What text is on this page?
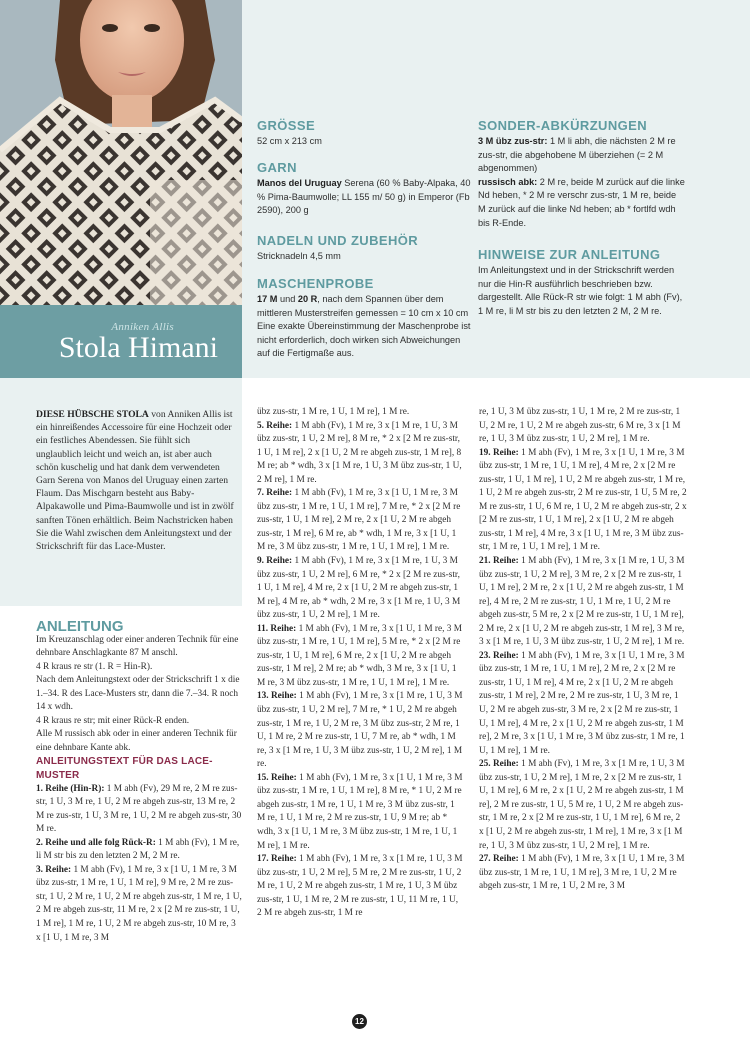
Anniken Allis
Stola Himani

GRÖSSE

52 cm x 213 cm

GARN

Manos del Uruguay Serena (60 % Baby-Alpaka, 40 % Pima-Baumwolle; LL 155 m/ 50 g) in Emperor (Fb 2590), 200 g

NADELN UND ZUBEHÖR

Stricknadeln 4,5 mm

MASCHENPROBE

17 M und 20 R, nach dem Spannen über dem mittleren Musterstreifen gemessen = 10 cm x 10 cm Eine exakte Übereinstimmung der Maschenprobe ist nicht erforderlich, doch wirken sich Abweichungen auf die Fertigmaße aus.

SONDER-ABKÜRZUNGEN

3 M übz zus-str: 1 M li abh, die nächsten 2 M re zus-str, die abgehobene M überziehen (= 2 M abgenommen)

russisch abk: 2 M re, beide M zurück auf die linke Nd heben, * 2 M re verschr zus-str, 1 M re, beide M zurück auf die linke Nd heben; ab * fortlfd wdh bis R-Ende.

HINWEISE ZUR ANLEITUNG

Im Anleitungstext und in der Strickschrift werden nur die Hin-R ausführlich beschrieben bzw. dargestellt. Alle Rück-R str wie folgt: 1 M abh (Fv), 1 M re, li M str bis zu den letzten 2 M, 2 M re.

DIESE HÜBSCHE STOLA von Anniken Allis ist ein hinreißendes Accessoire für eine Hochzeit oder ein festliches Abendessen. Sie fühlt sich unglaublich leicht und weich an, ist aber auch schön kuschelig und hat dank dem verwendeten Garn Serena von Manos del Uruguay einen zarten Flaum. Das Mischgarn besteht aus Baby-Alpakawolle und Pima-Baumwolle und ist in zwölf sanften Tönen erhältlich. Beim Nachstricken haben Sie die Wahl zwischen dem Anleitungstext und der Strickschrift für das Lace-Muster.

ANLEITUNG

Im Kreuzanschlag oder einer anderen Technik für eine dehnbare Anschlagkante 87 M anschl.

4 R kraus re str (1. R = Hin-R).

Nach dem Anleitungstext oder der Strickschrift 1 x die 1.–34. R des Lace-Musters str, dann die 7.–34. R noch 14 x wdh.

4 R kraus re str; mit einer Rück-R enden.

Alle M russisch abk oder in einer anderen Technik für eine dehnbare Kante abk.

ANLEITUNGSTEXT FÜR DAS LACE-MUSTER

1. Reihe (Hin-R): 1 M abh (Fv), 29 M re, 2 M re zus-str, 1 U, 3 M re, 1 U, 2 M re abgeh zus-str, 13 M re, 2 M re zus-str, 1 U, 3 M re, 1 U, 2 M re abgeh zus-str, 30 M re.

2. Reihe und alle folg Rück-R: 1 M abh (Fv), 1 M re, li M str bis zu den letzten 2 M, 2 M re.

3. Reihe: 1 M abh (Fv), 1 M re, 3 x [1 U, 1 M re, 3 M übz zus-str, 1 M re, 1 U, 1 M re], 9 M re, 2 M re zus-str, 1 U, 2 M re, 1 U, 2 M re abgeh zus-str, 1 M re, 1 U, 2 M re abgeh zus-str, 11 M re, 2 x [2 M re zus-str, 1 U, 1 M re], 1 M re, 1 U, 2 M re abgeh zus-str, 10 M re, 3 x [1 U, 1 M re, 3 M

übz zus-str, 1 M re, 1 U, 1 M re], 1 M re.

5. Reihe: 1 M abh (Fv), 1 M re, 3 x [1 M re, 1 U, 3 M übz zus-str, 1 U, 2 M re], 8 M re, * 2 x [2 M re zus-str, 1 U, 1 M re], 2 x [1 U, 2 M re abgeh zus-str, 1 M re], 8 M re; ab * wdh, 3 x [1 M re, 1 U, 3 M übz zus-str, 1 U, 2 M re], 1 M re.

7. Reihe: 1 M abh (Fv), 1 M re, 3 x [1 U, 1 M re, 3 M übz zus-str, 1 M re, 1 U, 1 M re], 7 M re, * 2 x [2 M re zus-str, 1 U, 1 M re], 2 M re, 2 x [1 U, 2 M re abgeh zus-str, 1 M re], 6 M re, ab * wdh, 1 M re, 3 x [1 U, 1 M re, 3 M übz zus-str, 1 M re, 1 U, 1 M re], 1 M re.

9. Reihe: 1 M abh (Fv), 1 M re, 3 x [1 M re, 1 U, 3 M übz zus-str, 1 U, 2 M re], 6 M re, * 2 x [2 M re zus-str, 1 U, 1 M re], 4 M re, 2 x [1 U, 2 M re abgeh zus-str, 1 M re], 4 M re, ab * wdh, 2 M re, 3 x [1 M re, 1 U, 3 M übz zus-str, 1 U, 2 M re], 1 M re.

11. Reihe: 1 M abh (Fv), 1 M re, 3 x [1 U, 1 M re, 3 M übz zus-str, 1 M re, 1 U, 1 M re], 5 M re, * 2 x [2 M re zus-str, 1 U, 1 M re], 6 M re, 2 x [1 U, 2 M re abgeh zus-str, 1 M re], 2 M re; ab * wdh, 3 M re, 3 x [1 U, 1 M re, 3 M übz zus-str, 1 M re, 1 U, 1 M re], 1 M re.

13. Reihe: 1 M abh (Fv), 1 M re, 3 x [1 M re, 1 U, 3 M übz zus-str, 1 U, 2 M re], 7 M re, * 1 U, 2 M re abgeh zus-str, 1 M re, 1 U, 2 M re, 3 M übz zus-str, 2 M re, 1 U, 1 M re, 2 M re zus-str, 1 U, 7 M re, ab * wdh, 1 M re, 3 x [1 M re, 1 U, 3 M übz zus-str, 1 U, 2 M re], 1 M re.

15. Reihe: 1 M abh (Fv), 1 M re, 3 x [1 U, 1 M re, 3 M übz zus-str, 1 M re, 1 U, 1 M re], 8 M re, * 1 U, 2 M re abgeh zus-str, 1 M re, 1 U, 1 M re, 3 M übz zus-str, 1 M re, 1 U, 1 M re, 2 M re zus-str, 1 U, 9 M re; ab * wdh, 3 x [1 U, 1 M re, 3 M übz zus-str, 1 M re, 1 U, 1 M re], 1 M re.

17. Reihe: 1 M abh (Fv), 1 M re, 3 x [1 M re, 1 U, 3 M übz zus-str, 1 U, 2 M re], 5 M re, 2 M re zus-str, 1 U, 2 M re, 1 U, 2 M re abgeh zus-str, 1 M re, 1 U, 3 M übz zus-str, 1 U, 1 M re, 2 M re zus-str, 1 U, 11 M re, 1 U, 2 M re abgeh zus-str, 1 M re

re, 1 U, 3 M übz zus-str, 1 U, 1 M re, 2 M re zus-str, 1 U, 2 M re, 1 U, 2 M re abgeh zus-str, 6 M re, 3 x [1 M re, 1 U, 3 M übz zus-str, 1 U, 2 M re], 1 M re.

19. Reihe: 1 M abh (Fv), 1 M re, 3 x [1 U, 1 M re, 3 M übz zus-str, 1 M re, 1 U, 1 M re], 4 M re, 2 x [2 M re zus-str, 1 U, 1 M re], 1 U, 2 M re abgeh zus-str, 1 M re, 1 U, 2 M re abgeh zus-str, 2 M re zus-str, 1 U, 5 M re, 2 M re zus-str, 1 U, 6 M re, 1 U, 2 M re abgeh zus-str, 2 x [2 M re zus-str, 1 U, 1 M re], 2 x [1 U, 2 M re abgeh zus-str, 1 M re], 4 M re, 3 x [1 U, 1 M re, 3 M übz zus-str, 1 M re, 1 U, 1 M re], 1 M re.

21. Reihe: 1 M abh (Fv), 1 M re, 3 x [1 M re, 1 U, 3 M übz zus-str, 1 U, 2 M re], 3 M re, 2 x [2 M re zus-str, 1 U, 1 M re], 2 M re, 2 x [1 U, 2 M re abgeh zus-str, 1 M re], 4 M re, 2 M re zus-str, 1 U, 1 M re, 1 U, 2 M re abgeh zus-str, 5 M re, 2 x [2 M re zus-str, 1 U, 1 M re], 2 M re, 2 x [1 U, 2 M re abgeh zus-str, 1 M re], 3 M re, 3 x [1 M re, 1 U, 3 M übz zus-str, 1 U, 2 M re], 1 M re.

23. Reihe: 1 M abh (Fv), 1 M re, 3 x [1 U, 1 M re, 3 M übz zus-str, 1 M re, 1 U, 1 M re], 2 M re, 2 x [2 M re zus-str, 1 U, 1 M re], 4 M re, 2 x [1 U, 2 M re abgeh zus-str, 1 M re], 2 M re, 2 M re zus-str, 1 U, 3 M re, 1 U, 2 M re abgeh zus-str, 3 M re, 2 x [2 M re zus-str, 1 U, 1 M re], 4 M re, 2 x [1 U, 2 M re abgeh zus-str, 1 M re], 2 M re, 3 x [1 U, 1 M re, 3 M übz zus-str, 1 M re, 1 U, 1 M re], 1 M re.

25. Reihe: 1 M abh (Fv), 1 M re, 3 x [1 M re, 1 U, 3 M übz zus-str, 1 U, 2 M re], 1 M re, 2 x [2 M re zus-str, 1 U, 1 M re], 6 M re, 2 x [1 U, 2 M re abgeh zus-str, 1 M re], 2 M re zus-str, 1 U, 5 M re, 1 U, 2 M re abgeh zus-str, 1 M re, 2 x [2 M re zus-str, 1 U, 1 M re], 6 M re, 2 x [1 U, 2 M re abgeh zus-str, 1 M re], 1 M re, 3 x [1 M re, 1 U, 3 M übz zus-str, 1 U, 2 M re], 1 M re.

27. Reihe: 1 M abh (Fv), 1 M re, 3 x [1 U, 1 M re, 3 M übz zus-str, 1 M re, 1 U, 1 M re], 3 M re, 1 U, 2 M re abgeh zus-str, 1 M re, 1 U, 2 M re, 3 M

12
